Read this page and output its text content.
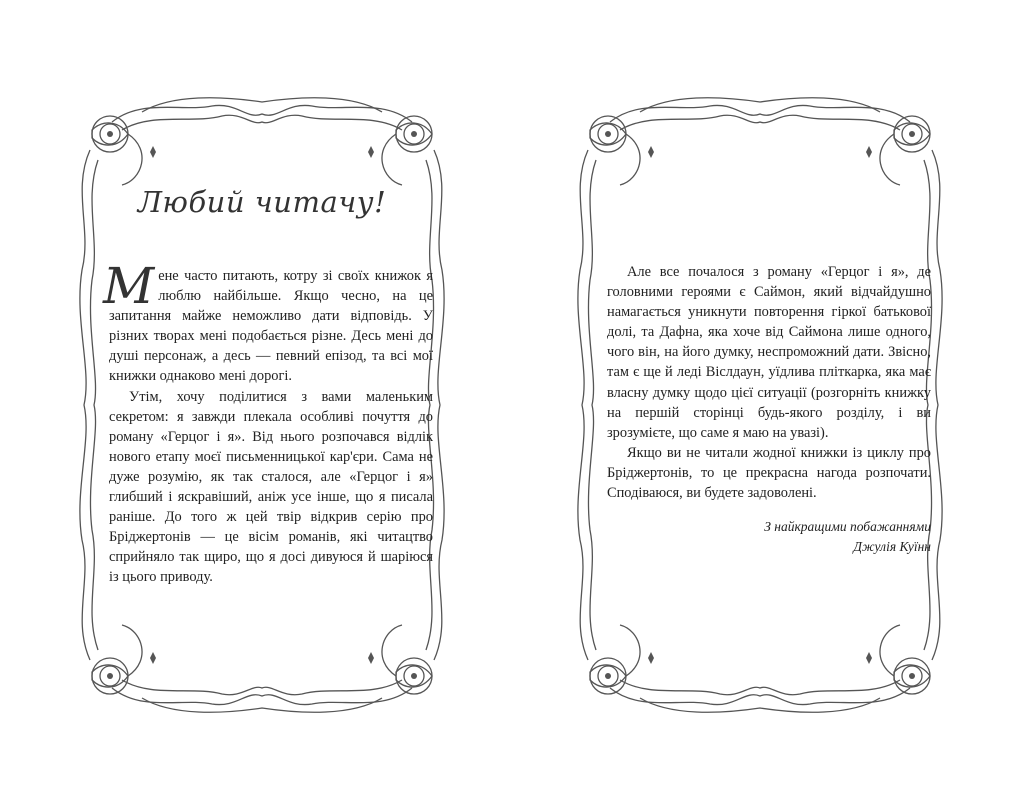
Любий читачу!

Мене часто питають, котру зі своїх книжок я люблю найбільше. Якщо чесно, на це запитання майже неможливо дати відповідь. У різних творах мені подобається різне. Десь мені до душі персонаж, а десь — певний епізод, та всі мої книжки однаково мені дорогі.

Утім, хочу поділитися з вами маленьким секретом: я завжди плекала особливі почуття до роману «Герцог і я». Від нього розпочався відлік нового етапу моєї письменницької кар'єри. Сама не дуже розумію, як так сталося, але «Герцог і я» глибший і яскравіший, аніж усе інше, що я писала раніше. До того ж цей твір відкрив серію про Бріджертонів — це вісім романів, які читацтво сприйняло так щиро, що я досі дивуюся й шаріюся із цього приводу.

Але все почалося з роману «Герцог і я», де головними героями є Саймон, який відчайдушно намагається уникнути повторення гіркої батькової долі, та Дафна, яка хоче від Саймона лише одного, чого він, на його думку, неспроможний дати. Звісно, там є ще й леді Віслдаун, уїдлива пліткарка, яка має власну думку щодо цієї ситуації (розгорніть книжку на першій сторінці будь-якого розділу, і ви зрозумієте, що саме я маю на увазі).

Якщо ви не читали жодної книжки із циклу про Бріджертонів, то це прекрасна нагода розпочати. Сподіваюся, ви будете задоволені.

З найкращими побажаннями
Джулія Куїнн
